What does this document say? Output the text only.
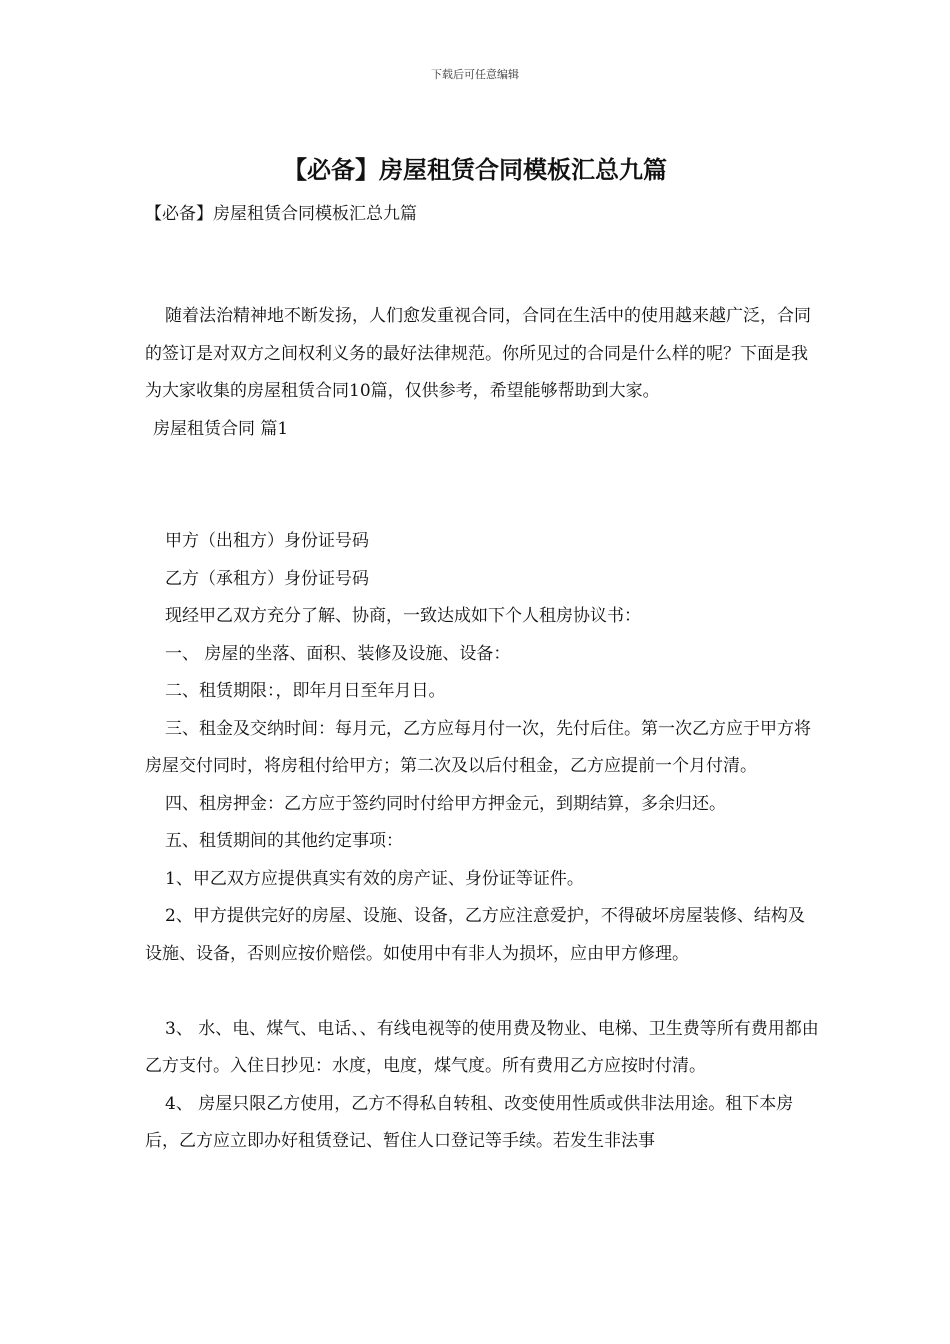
下载后可任意编辑
【必备】房屋租赁合同模板汇总九篇

【必备】房屋租赁合同模板汇总九篇

随着法治精神地不断发扬，人们愈发重视合同，合同在生活中的使用越来越广泛，合同的签订是对双方之间权利义务的最好法律规范。你所见过的合同是什么样的呢？下面是我为大家收集的房屋租赁合同10篇，仅供参考，希望能够帮助到大家。

房屋租赁合同 篇1

甲方（出租方）身份证号码

乙方（承租方）身份证号码

现经甲乙双方充分了解、协商，一致达成如下个人租房协议书：

一、 房屋的坐落、面积、装修及设施、设备：

二、租赁期限：，即年月日至年月日。

三、租金及交纳时间：每月元，乙方应每月付一次，先付后住。第一次乙方应于甲方将房屋交付同时，将房租付给甲方；第二次及以后付租金，乙方应提前一个月付清。

四、租房押金：乙方应于签约同时付给甲方押金元，到期结算，多余归还。

五、租赁期间的其他约定事项：

1、甲乙双方应提供真实有效的房产证、身份证等证件。

2、甲方提供完好的房屋、设施、设备，乙方应注意爱护，不得破坏房屋装修、结构及设施、设备，否则应按价赔偿。如使用中有非人为损坏，应由甲方修理。

3、 水、电、煤气、电话、、有线电视等的使用费及物业、电梯、卫生费等所有费用都由乙方支付。入住日抄见：水度，电度，煤气度。所有费用乙方应按时付清。

4、 房屋只限乙方使用，乙方不得私自转租、改变使用性质或供非法用途。租下本房后，乙方应立即办好租赁登记、暂住人口登记等手续。若发生非法事
